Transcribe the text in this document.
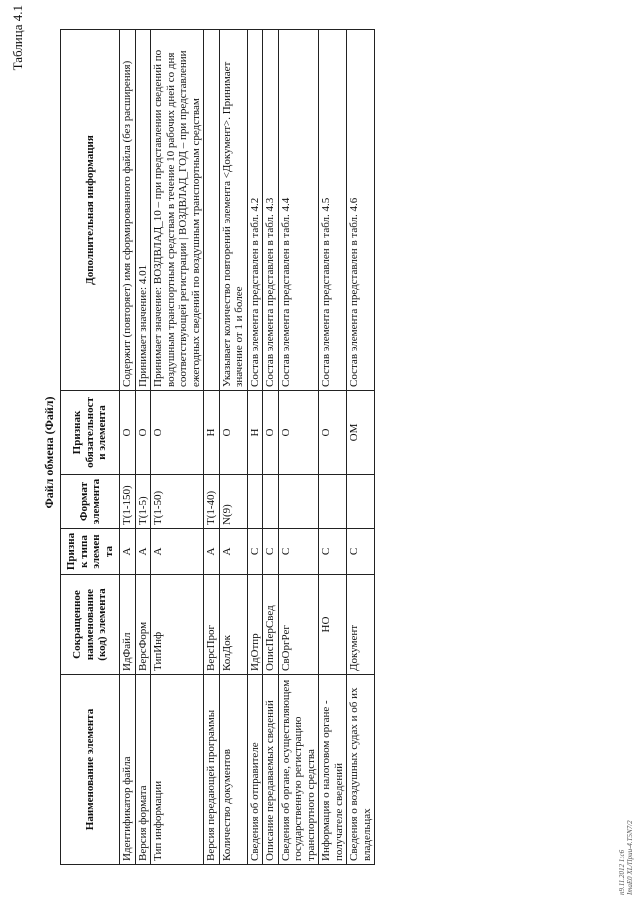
Таблица 4.1
Файл обмена (Файл)
Наименование элемента	Сокращенное наименование (код) элемента	Признак типа элемента	Формат элемента	Признак обязательности элемента	Дополнительная информация
Идентификатор файла	ИдФайл	А	T(1-150)	О	Содержит (повторяет) имя сформированного файла (без расширения)
Версия формата	ВерсФорм	А	T(1-5)	О	Принимает значение: 4.01
Тип информации	ТипИнф	А	T(1-50)	О	Принимает значение: ВОЗДВЛАД_10 – при представлении сведений по воздушным транспортным средствам в течение 10 рабочих дней со дня соответствующей регистрации | ВОЗДВЛАД_ГОД – при представлении ежегодных сведений по воздушным транспортным средствам
Версия передающей программы	ВерсПрог	А	T(1-40)	Н	
Количество документов	КолДок	А	N(9)	О	Указывает количество повторений элемента <Документ>. Принимает значение от 1 и более
Сведения об отправителе	ИдОтпр	С		Н	Состав элемента представлен в табл. 4.2
Описание передаваемых сведений	ОписПерСвед	С		О	Состав элемента представлен в табл. 4.3
Сведения об органе, осуществляющем государственную регистрацию транспортного средства	СвОргРег	С		О	Состав элемента представлен в табл. 4.4
Информация о налоговом органе - получателе сведений	НО	С		О	Состав элемента представлен в табл. 4.5
Сведения о воздушных судах и об их владельцах	Документ	С		ОМ	Состав элемента представлен в табл. 4.6
п9.11.2012 1:с6 ImaE0 XL/Пpии-4.T5N7/2
